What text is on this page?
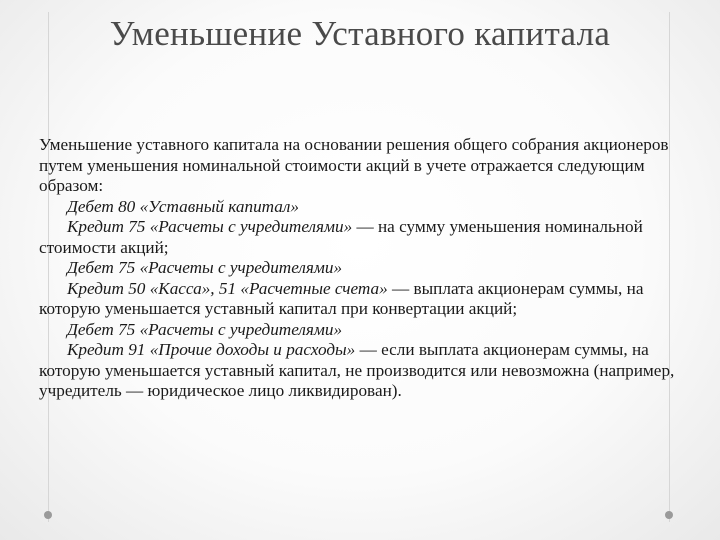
Уменьшение Уставного капитала

Уменьшение уставного капитала на основании решения общего собрания акционеров путем уменьшения номинальной стоимости акций в учете отражается следующим образом:

Дебет 80 «Уставный капитал»

Кредит 75 «Расчеты с учредителями» — на сумму уменьшения номинальной стоимости акций;

Дебет 75 «Расчеты с учредителями»

Кредит 50 «Касса», 51 «Расчетные счета» — выплата акционерам суммы, на которую уменьшается уставный капитал при конвертации акций;

Дебет 75 «Расчеты с учредителями»

Кредит 91 «Прочие доходы и расходы» — если выплата акционерам суммы, на которую уменьшается уставный капитал, не производится или невозможна (например, учредитель — юридическое лицо ликвидирован).
